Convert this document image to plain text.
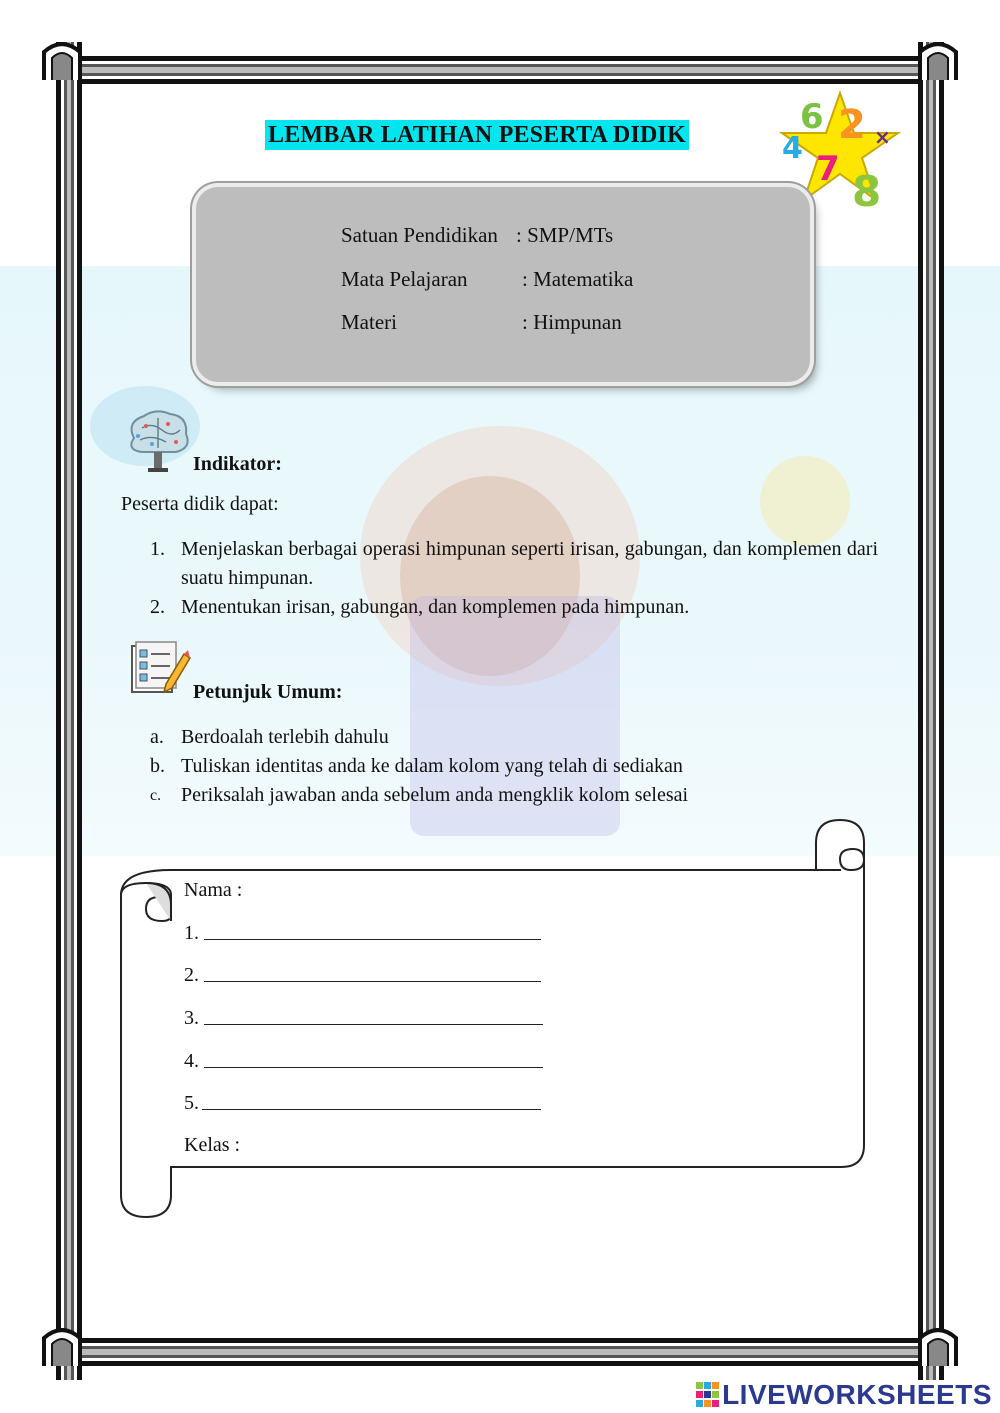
6 2
4
7 8
×
LEMBAR LATIHAN PESERTA DIDIK
Satuan Pendidikan : SMP/MTs
Mata Pelajaran	: Matematika
Materi	: Himpunan
Indikator:
Peserta didik dapat:
1. Menjelaskan berbagai operasi himpunan seperti irisan, gabungan, dan komplemen dari suatu himpunan.
2. Menentukan irisan, gabungan, dan komplemen pada himpunan.
Petunjuk Umum:
a. Berdoalah terlebih dahulu
b. Tuliskan identitas anda ke dalam kolom yang telah di sediakan
c. Periksalah jawaban anda sebelum anda mengklik kolom selesai
Nama :
1.
2.
3.
4.
5.
Kelas :
LIVEWORKSHEETS
